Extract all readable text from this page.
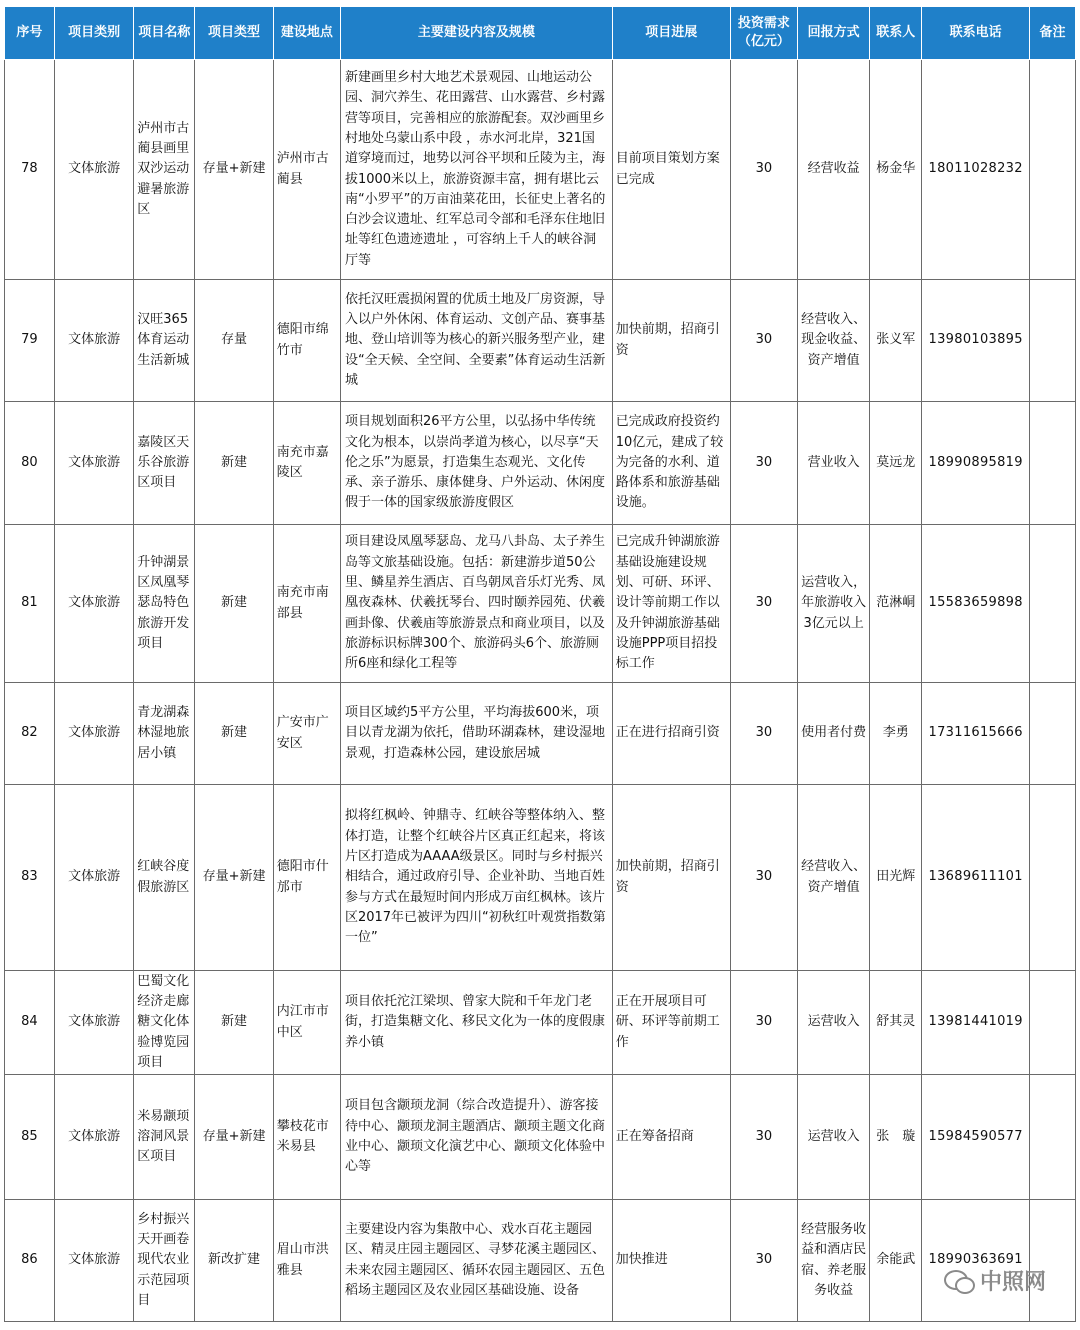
序号	项目类别	项目名称	项目类型	建设地点	主要建设内容及规模	项目进展	投资需求（亿元）	回报方式	联系人	联系电话	备注
78	文体旅游	泸州市古蔺县画里双沙运动避暑旅游区	存量+新建	泸州市古蔺县	新建画里乡村大地艺术景观园、山地运动公园、洞穴养生、花田露营、山水露营、乡村露营等项目，完善相应的旅游配套。双沙画里乡村地处乌蒙山系中段 ，赤水河北岸，321国道穿境而过，地势以河谷平坝和丘陵为主，海拔1000米以上，旅游资源丰富，拥有堪比云南“小罗平”的万亩油菜花田，长征史上著名的白沙会议遗址、红军总司令部和毛泽东住地旧址等红色遗迹遗址 ，可容纳上千人的峡谷洞厅等	目前项目策划方案已完成	30	经营收益	杨金华	18011028232	
79	文体旅游	汉旺365体育运动生活新城	存量	德阳市绵竹市	依托汉旺震损闲置的优质土地及厂房资源，导入以户外休闲、体育运动、文创产品、赛事基地、登山培训等为核心的新兴服务型产业，建设“全天候、全空间、全要素”体育运动生活新城	加快前期，招商引资	30	经营收入、现金收益、资产增值	张义军	13980103895	
80	文体旅游	嘉陵区天乐谷旅游区项目	新建	南充市嘉陵区	项目规划面积26平方公里，以弘扬中华传统文化为根本，以崇尚孝道为核心，以尽享“天伦之乐”为愿景，打造集生态观光、文化传承、亲子游乐、康体健身、户外运动、休闲度假于一体的国家级旅游度假区	已完成政府投资约10亿元，建成了较为完备的水利、道路体系和旅游基础设施。	30	营业收入	莫远龙	18990895819	
81	文体旅游	升钟湖景区凤凰琴瑟岛特色旅游开发项目	新建	南充市南部县	项目建设凤凰琴瑟岛、龙马八卦岛、太子养生岛等文旅基础设施。包括：新建游步道50公里、鳞星养生酒店、百鸟朝凤音乐灯光秀、凤凰夜森林、伏羲抚琴台、四时颐养园苑、伏羲画卦像、伏羲庙等旅游景点和商业项目，以及旅游标识标牌300个、旅游码头6个、旅游厕所6座和绿化工程等	已完成升钟湖旅游基础设施建设规划、可研、环评、设计等前期工作以及升钟湖旅游基础设施PPP项目招投标工作	30	运营收入，年旅游收入3亿元以上	范淋峒	15583659898	
82	文体旅游	青龙湖森林湿地旅居小镇	新建	广安市广安区	项目区域约5平方公里，平均海拔600米，项目以青龙湖为依托，借助环湖森林，建设湿地景观，打造森林公园，建设旅居城	正在进行招商引资	30	使用者付费	李勇	17311615666	
83	文体旅游	红峡谷度假旅游区	存量+新建	德阳市什邡市	拟将红枫岭、钟鼎寺、红峡谷等整体纳入、整体打造，让整个红峡谷片区真正红起来，将该片区打造成为AAAA级景区。同时与乡村振兴相结合，通过政府引导、企业补助、当地百姓参与方式在最短时间内形成万亩红枫林。该片区2017年已被评为四川“初秋红叶观赏指数第一位”	加快前期，招商引资	30	经营收入、资产增值	田光辉	13689611101	
84	文体旅游	巴蜀文化经济走廊糖文化体验博览园项目	新建	内江市市中区	项目依托沱江梁坝、曾家大院和千年龙门老街，打造集糖文化、移民文化为一体的度假康养小镇	正在开展项目可研、环评等前期工作	30	运营收入	舒其灵	13981441019	
85	文体旅游	米易颛顼溶洞风景区项目	存量+新建	攀枝花市米易县	项目包含颛顼龙洞（综合改造提升）、游客接待中心、颛顼龙洞主题酒店、颛顼主题文化商业中心、颛顼文化演艺中心、颛顼文化体验中心等	正在筹备招商	30	运营收入	张　璇	15984590577	
86	文体旅游	乡村振兴天开画卷现代农业示范园项目	新改扩建	眉山市洪雅县	主要建设内容为集散中心、戏水百花主题园区、精灵庄园主题园区、寻梦花溪主题园区、未来农园主题园区、循环农园主题园区、五色稻场主题园区及农业园区基础设施、设备	加快推进	30	经营服务收益和酒店民宿、养老服务收益	余能武	18990363691	
中照网
